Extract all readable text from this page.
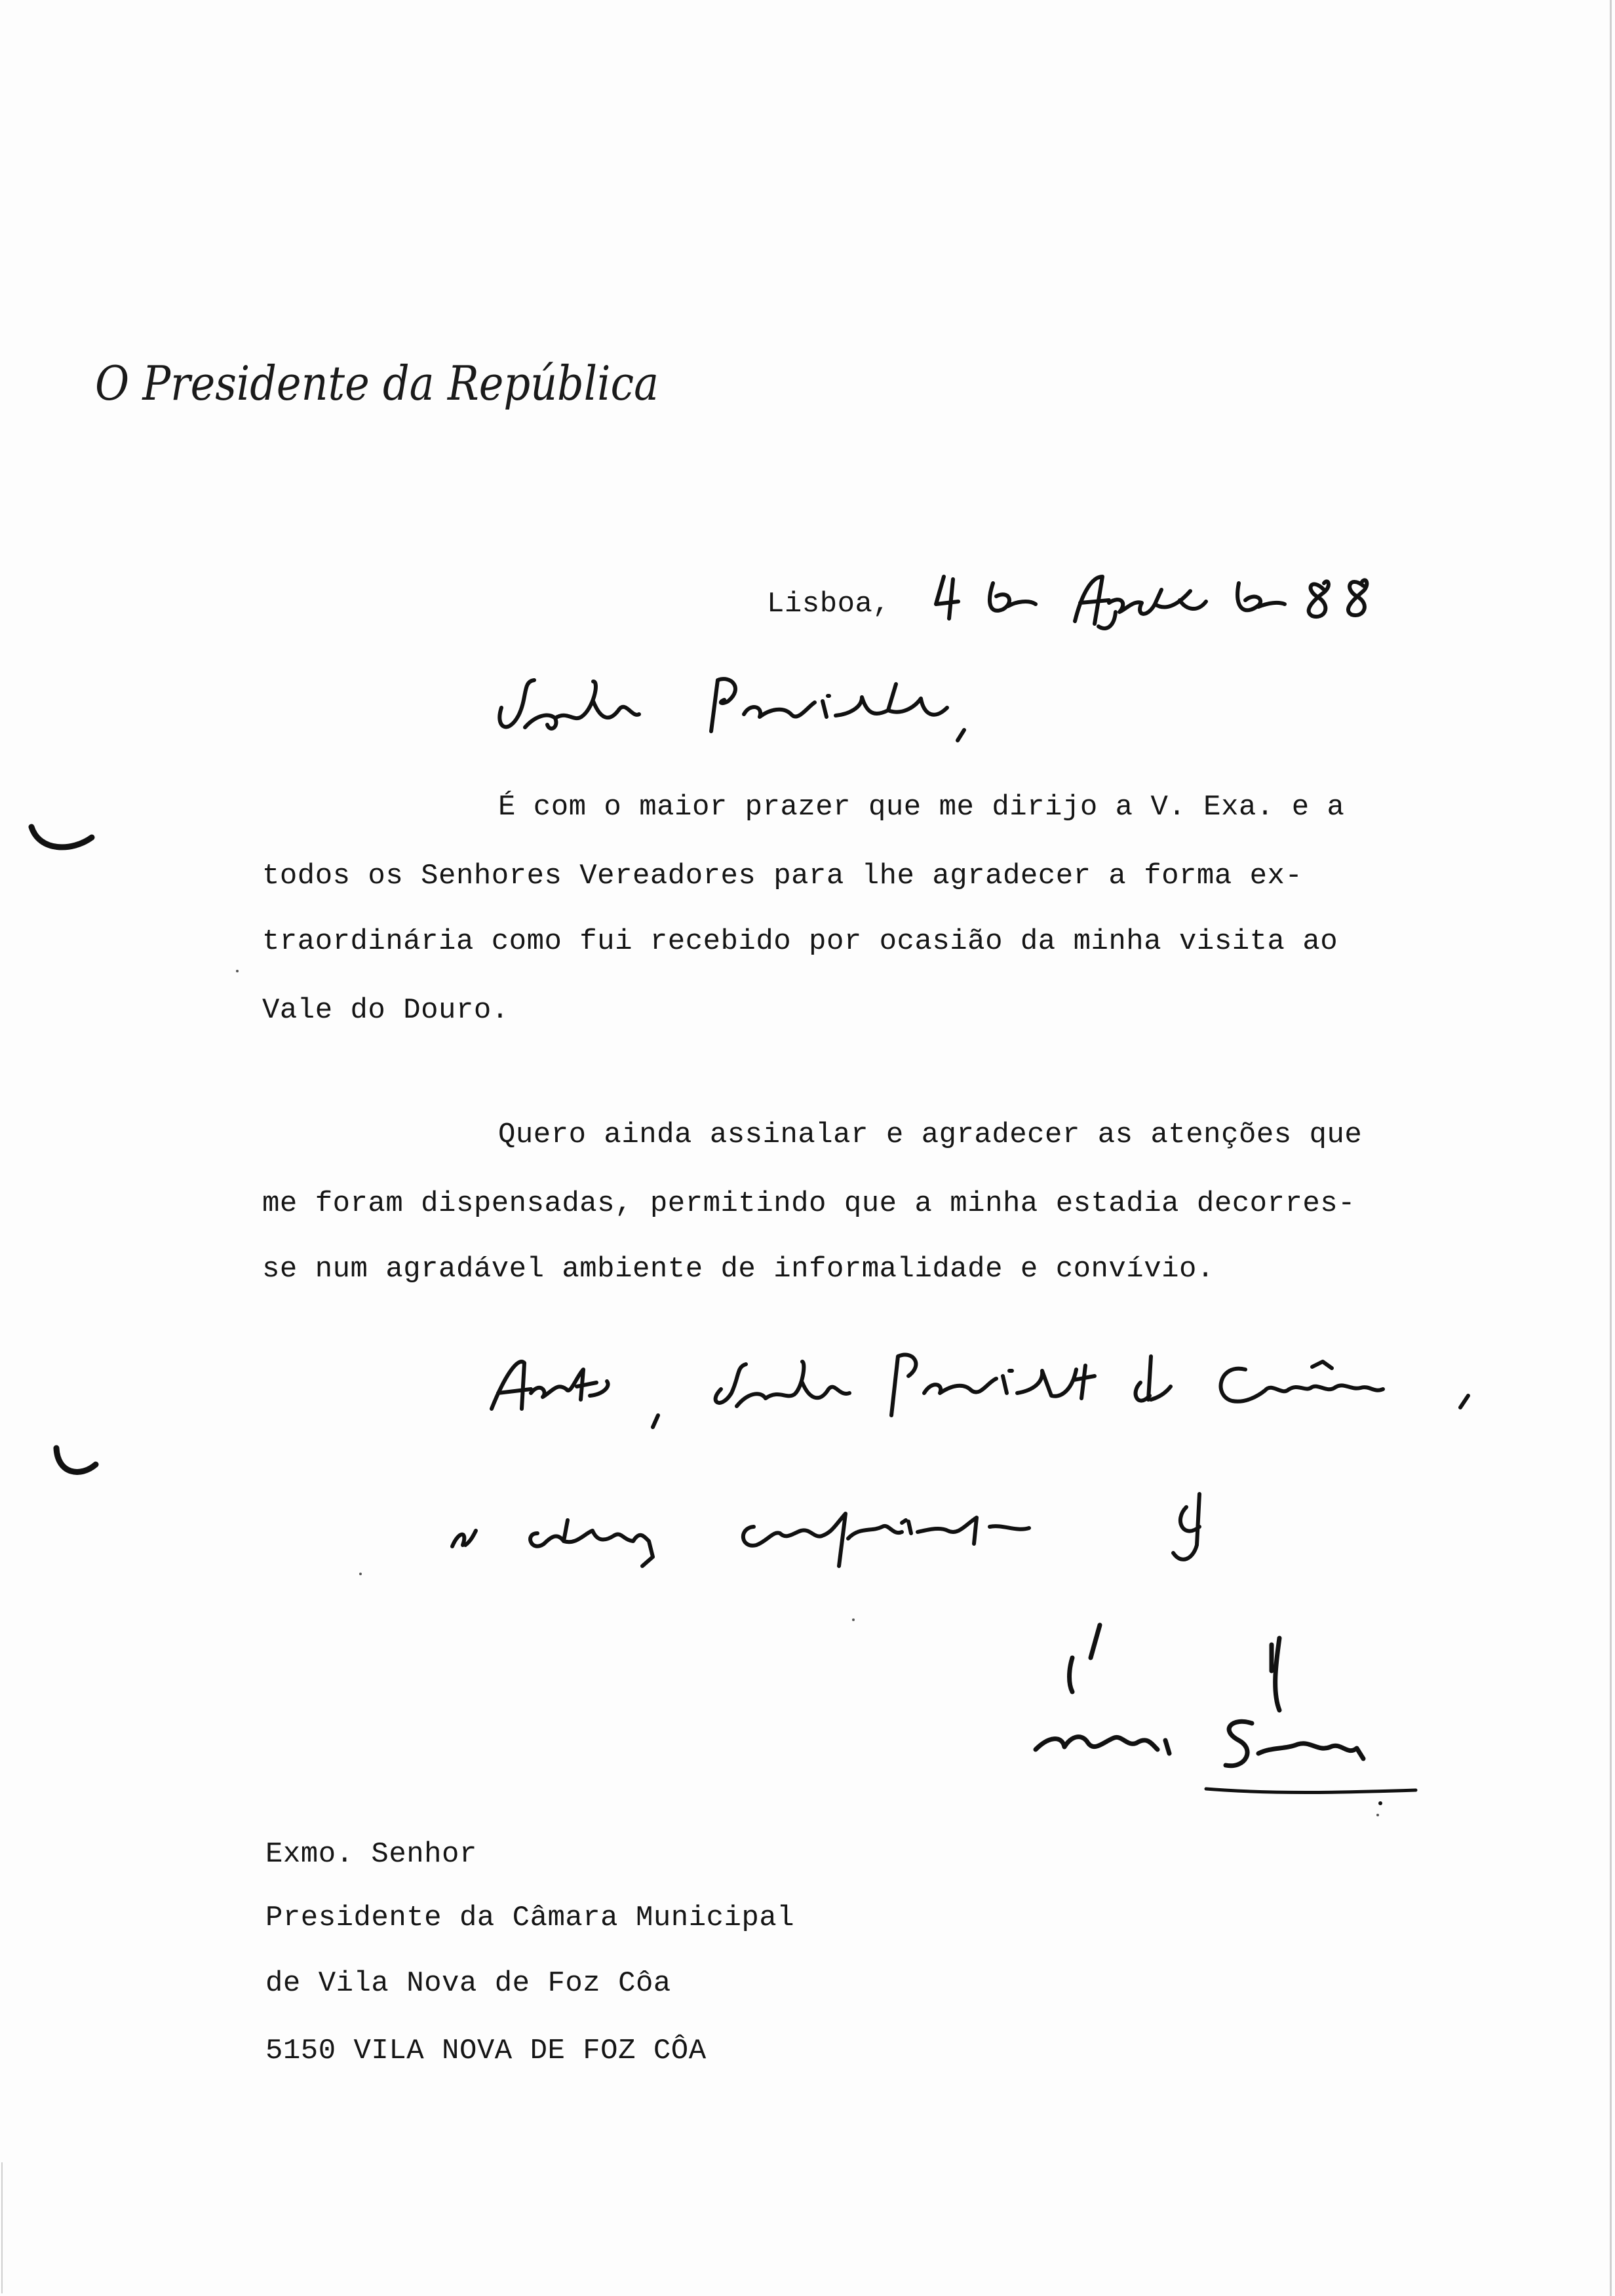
O Presidente da República
Lisboa,
4 de Agosto de 88
Senhor Presidente,
É com o maior prazer que me dirijo a V. Exa. e a
todos os Senhores Vereadores para lhe agradecer a forma ex-
traordinária como fui recebido por ocasião da minha visita ao
Vale do Douro.
Quero ainda assinalar e agradecer as atenções que
me foram dispensadas, permitindo que a minha estadia decorres-
se num agradável ambiente de informalidade e convívio.
Aceite, Senhor Presidente da Câmara,
os meus cumprimentos de
Mário Soares
Exmo. Senhor
Presidente da Câmara Municipal
de Vila Nova de Foz Côa
5150 VILA NOVA DE FOZ CÔA
